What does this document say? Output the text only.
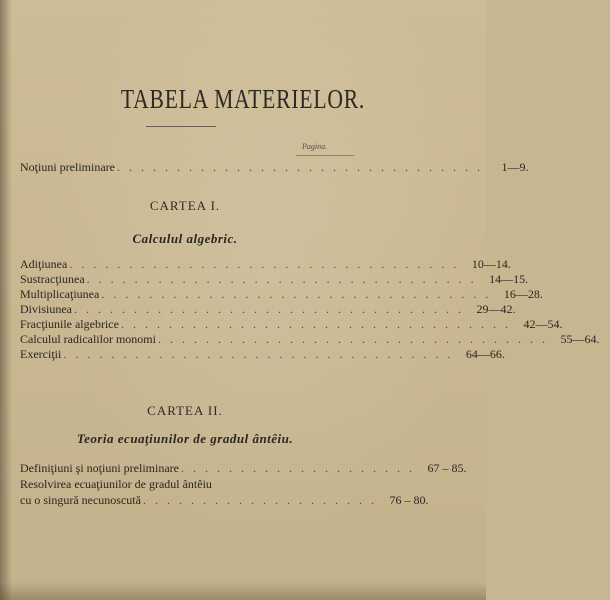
TABELA MATERIELOR.
Pagina.
Noţiuni preliminare . . . . . . . . . . . . . . . . . . . . . . . . . . . . . . .	1—9.
CARTEA I.
Calculul algebric.
Adiţiunea . . . . . . . . . . . . . . . . . . . . . . . . . . . . . . . . .	10—14.
Sustracţiunea . . . . . . . . . . . . . . . . . . . . . . . . . . . . . . . . .	14—15.
Multiplicaţiunea . . . . . . . . . . . . . . . . . . . . . . . . . . . . . . . . .	16—28.
Divisiunea . . . . . . . . . . . . . . . . . . . . . . . . . . . . . . . . .	29—42.
Fracţiunile algebrice . . . . . . . . . . . . . . . . . . . . . . . . . . . . . . . . .	42—54.
Calculul radicalilor monomi . . . . . . . . . . . . . . . . . . . . . . . . . . . . . . . . .	55—64.
Exerciţii . . . . . . . . . . . . . . . . . . . . . . . . . . . . . . . . .	64—66.
CARTEA II.
Teoria ecuaţiunilor de gradul ântêiu.
Definiţiuni şi noţiuni preliminare . . . . . . . . . . . . . . . . . . . .	67 – 85.
Resolvirea ecuaţiunilor de gradul ântêiu
cu o singură necunoscută . . . . . . . . . . . . . . . . . . . .	76 – 80.
